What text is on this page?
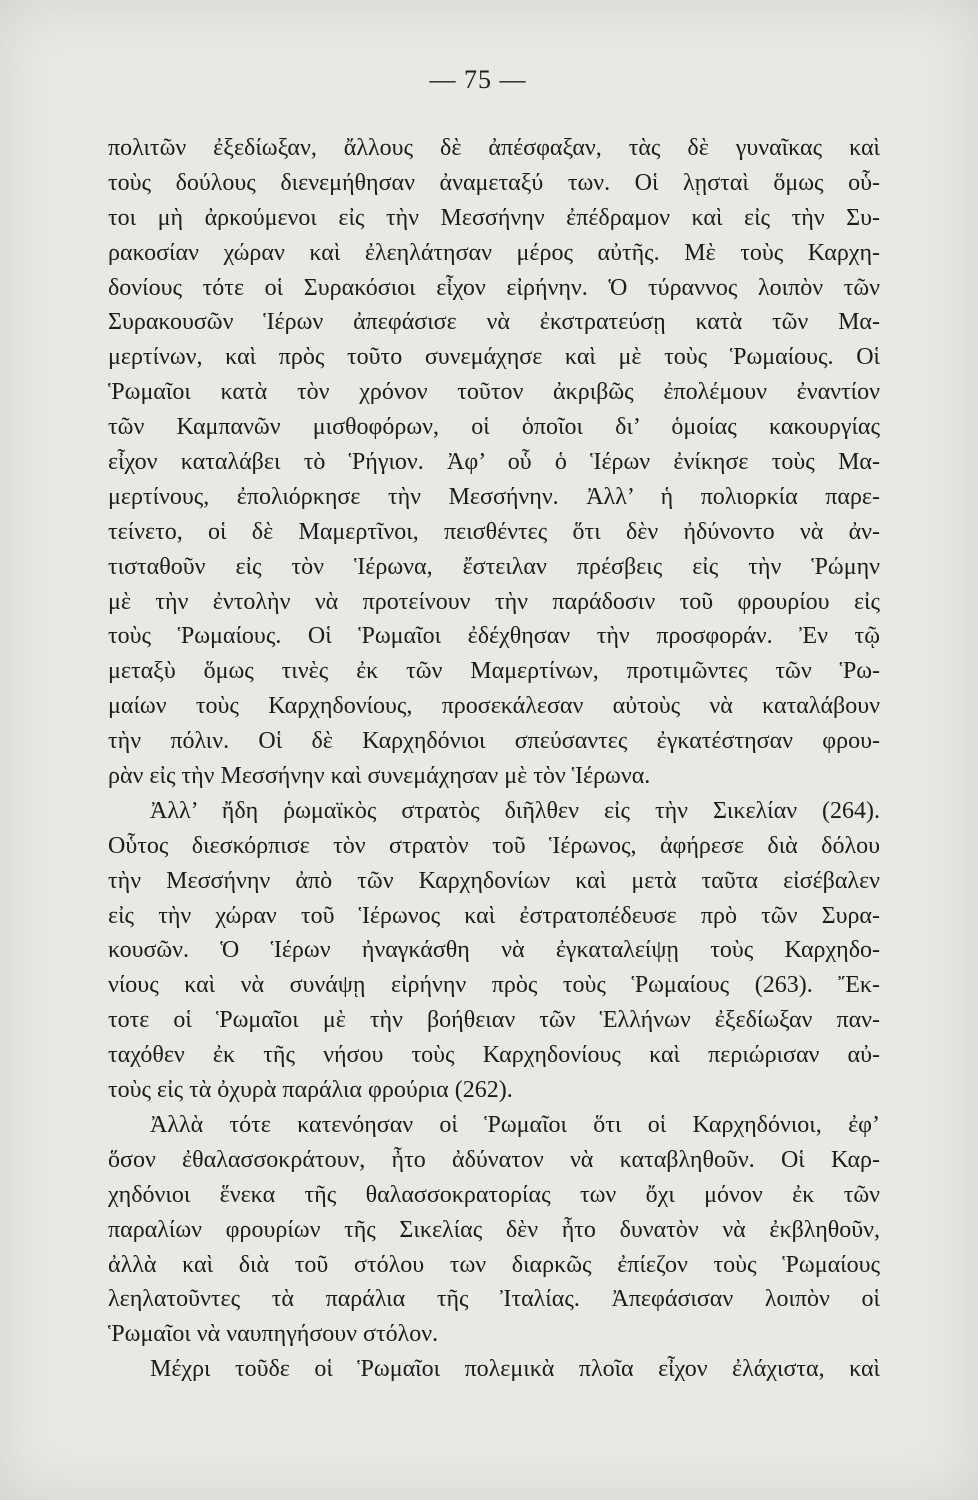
— 75 —
πολιτῶν ἐξεδίωξαν, ἄλλους δὲ ἀπέσφαξαν, τὰς δὲ γυναῖκας καὶ
τοὺς δούλους διενεμήθησαν ἀναμεταξύ των. Οἱ λῃσταὶ ὅμως οὗ-
τοι μὴ ἀρκούμενοι εἰς τὴν Μεσσήνην ἐπέδραμον καὶ εἰς τὴν Συ-
ρακοσίαν χώραν καὶ ἐλεηλάτησαν μέρος αὐτῆς. Μὲ τοὺς Καρχη-
δονίους τότε οἱ Συρακόσιοι εἶχον εἰρήνην. Ὁ τύραννος λοιπὸν τῶν
Συρακουσῶν Ἱέρων ἀπεφάσισε νὰ ἐκστρατεύσῃ κατὰ τῶν Μα-
μερτίνων, καὶ πρὸς τοῦτο συνεμάχησε καὶ μὲ τοὺς Ῥωμαίους. Οἱ
Ῥωμαῖοι κατὰ τὸν χρόνον τοῦτον ἀκριβῶς ἐπολέμουν ἐναντίον
τῶν Καμπανῶν μισθοφόρων, οἱ ὁποῖοι δι’ ὁμοίας κακουργίας
εἶχον καταλάβει τὸ Ῥήγιον. Ἀφ’ οὗ ὁ Ἱέρων ἐνίκησε τοὺς Μα-
μερτίνους, ἐπολιόρκησε τὴν Μεσσήνην. Ἀλλ’ ἡ πολιορκία παρε-
τείνετο, οἱ δὲ Μαμερτῖνοι, πεισθέντες ὅτι δὲν ἠδύνοντο νὰ ἀν-
τισταθοῦν εἰς τὸν Ἱέρωνα, ἔστειλαν πρέσβεις εἰς τὴν Ῥώμην
μὲ τὴν ἐντολὴν νὰ προτείνουν τὴν παράδοσιν τοῦ φρουρίου εἰς
τοὺς Ῥωμαίους. Οἱ Ῥωμαῖοι ἐδέχθησαν τὴν προσφοράν. Ἐν τῷ
μεταξὺ ὅμως τινὲς ἐκ τῶν Μαμερτίνων, προτιμῶντες τῶν Ῥω-
μαίων τοὺς Καρχηδονίους, προσεκάλεσαν αὐτοὺς νὰ καταλάβουν
τὴν πόλιν. Οἱ δὲ Καρχηδόνιοι σπεύσαντες ἐγκατέστησαν φρου-
ρὰν εἰς τὴν Μεσσήνην καὶ συνεμάχησαν μὲ τὸν Ἱέρωνα.
Ἀλλ’ ἤδη ῥωμαϊκὸς στρατὸς διῆλθεν εἰς τὴν Σικελίαν (264).
Οὗτος διεσκόρπισε τὸν στρατὸν τοῦ Ἱέρωνος, ἀφήρεσε διὰ δόλου
τὴν Μεσσήνην ἀπὸ τῶν Καρχηδονίων καὶ μετὰ ταῦτα εἰσέβαλεν
εἰς τὴν χώραν τοῦ Ἱέρωνος καὶ ἐστρατοπέδευσε πρὸ τῶν Συρα-
κουσῶν. Ὁ Ἱέρων ἠναγκάσθη νὰ ἐγκαταλείψῃ τοὺς Καρχηδο-
νίους καὶ νὰ συνάψῃ εἰρήνην πρὸς τοὺς Ῥωμαίους (263). Ἔκ-
τοτε οἱ Ῥωμαῖοι μὲ τὴν βοήθειαν τῶν Ἑλλήνων ἐξεδίωξαν παν-
ταχόθεν ἐκ τῆς νήσου τοὺς Καρχηδονίους καὶ περιώρισαν αὐ-
τοὺς εἰς τὰ ὀχυρὰ παράλια φρούρια (262).
Ἀλλὰ τότε κατενόησαν οἱ Ῥωμαῖοι ὅτι οἱ Καρχηδόνιοι, ἐφ’
ὅσον ἐθαλασσοκράτουν, ἦτο ἀδύνατον νὰ καταβληθοῦν. Οἱ Καρ-
χηδόνιοι ἕνεκα τῆς θαλασσοκρατορίας των ὄχι μόνον ἐκ τῶν
παραλίων φρουρίων τῆς Σικελίας δὲν ἦτο δυνατὸν νὰ ἐκβληθοῦν,
ἀλλὰ καὶ διὰ τοῦ στόλου των διαρκῶς ἐπίεζον τοὺς Ῥωμαίους
λεηλατοῦντες τὰ παράλια τῆς Ἰταλίας. Ἀπεφάσισαν λοιπὸν οἱ
Ῥωμαῖοι νὰ ναυπηγήσουν στόλον.
Μέχρι τοῦδε οἱ Ῥωμαῖοι πολεμικὰ πλοῖα εἶχον ἐλάχιστα, καὶ
